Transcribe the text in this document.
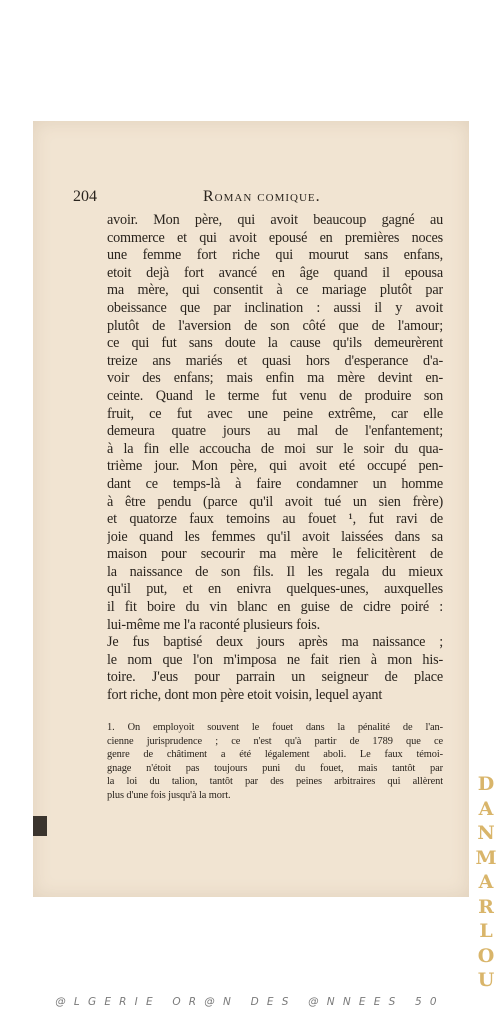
204	Roman comique.
avoir. Mon père, qui avoit beaucoup gagné au
commerce et qui avoit epousé en premières noces
une femme fort riche qui mourut sans enfans,
etoit dejà fort avancé en âge quand il epousa
ma mère, qui consentit à ce mariage plutôt par
obeissance que par inclination : aussi il y avoit
plutôt de l'aversion de son côté que de l'amour;
ce qui fut sans doute la cause qu'ils demeurèrent
treize ans mariés et quasi hors d'esperance d'a-
voir des enfans; mais enfin ma mère devint en-
ceinte. Quand le terme fut venu de produire son
fruit, ce fut avec une peine extrême, car elle
demeura quatre jours au mal de l'enfantement;
à la fin elle accoucha de moi sur le soir du qua-
trième jour. Mon père, qui avoit eté occupé pen-
dant ce temps-là à faire condamner un homme
à être pendu (parce qu'il avoit tué un sien frère)
et quatorze faux temoins au fouet ¹, fut ravi de
joie quand les femmes qu'il avoit laissées dans sa
maison pour secourir ma mère le felicitèrent de
la naissance de son fils. Il les regala du mieux
qu'il put, et en enivra quelques-unes, auxquelles
il fit boire du vin blanc en guise de cidre poiré :
lui-même me l'a raconté plusieurs fois.
Je fus baptisé deux jours après ma naissance ;
le nom que l'on m'imposa ne fait rien à mon his-
toire. J'eus pour parrain un seigneur de place
fort riche, dont mon père etoit voisin, lequel ayant
1. On employoit souvent le fouet dans la pénalité de l'an-
cienne jurisprudence ; ce n'est qu'à partir de 1789 que ce
genre de châtiment a été légalement aboli. Le faux témoi-
gnage n'étoit pas toujours puni du fouet, mais tantôt par
la loi du talion, tantôt par des peines arbitraires qui allèrent
plus d'une fois jusqu'à la mort.
D
A
N
M
A
R
L
O
U
@LGERIE OR@N DES @NNEES 50
